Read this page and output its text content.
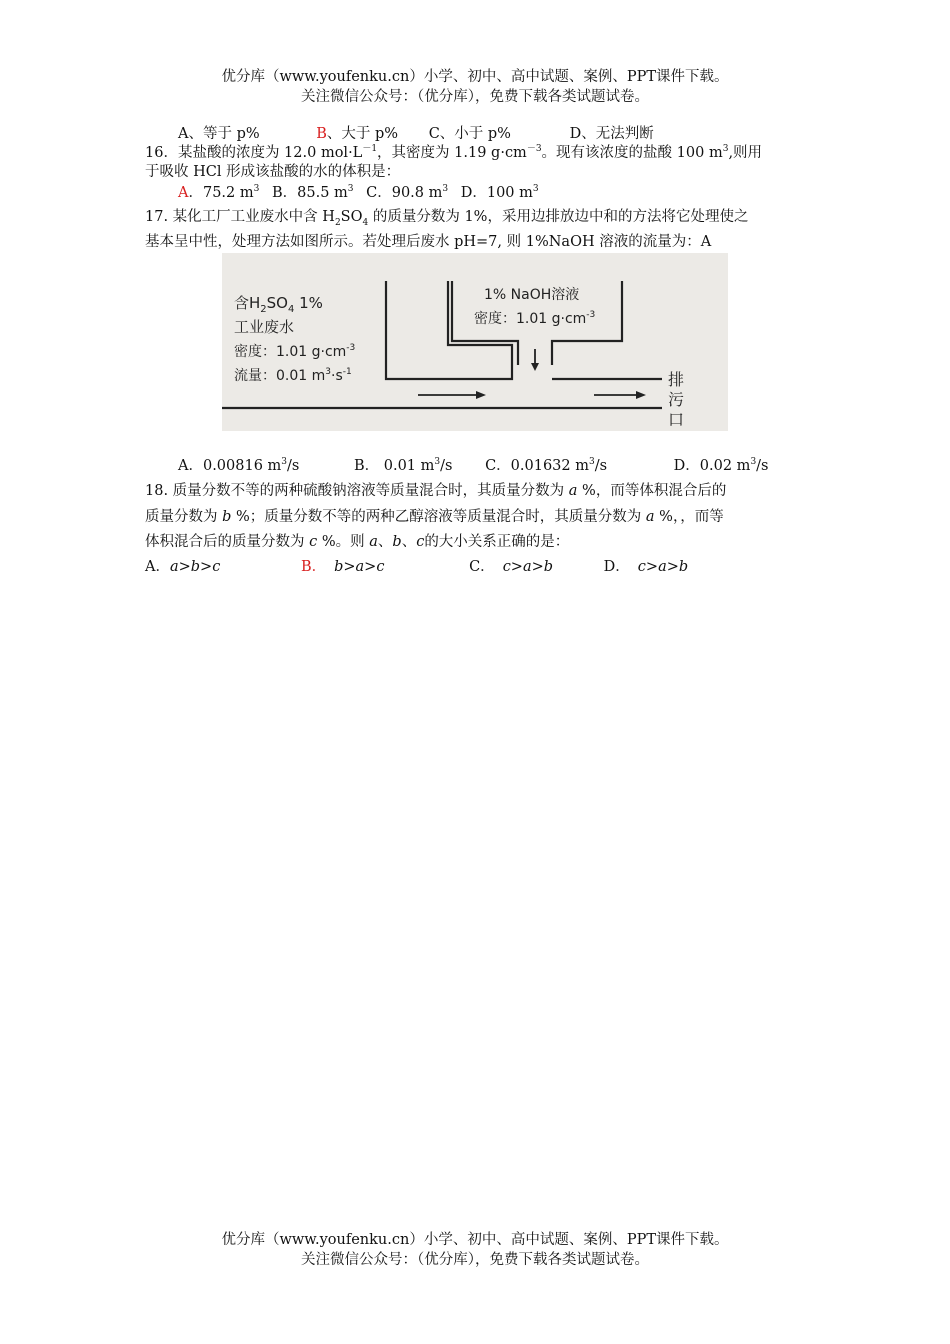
优分库（www.youfenku.cn）小学、初中、高中试题、案例、PPT课件下载。
关注微信公众号：（优分库），免费下载各类试题试卷。
A、等于 p%	B、大于 p% C、小于 p%	D、无法判断
16．某盐酸的浓度为 12.0 $mol\cdot L^{-1}$，其密度为 1.19 $g\cdot cm^{-3}$。现有该浓度的盐酸 100 $m^3$,则用
于吸收 HCl 形成该盐酸的水的体积是：
A．75.2 $m^3$ B．85.5 $m^3$ C．90.8 $m^3$ D．100 $m^3$
17. 某化工厂工业废水中含 $H_2SO_4$ 的质量分数为 1%，采用边排放边中和的方法将它处理使之
基本呈中性，处理方法如图所示。若处理后废水 pH=7, 则 1%NaOH 溶液的流量为：A
含$H_2SO_4$ 1%
工业废水
密度：1.01 $g\cdot cm^{-3}$
流量：0.01 $m^3\cdot s^{-1}$
1% NaOH溶液
密度：1.01 $g\cdot cm^{-3}$
排
污
口
A．0.00816 $m^3/s$	B． 0.01 $m^3/s$ C．0.01632 $m^3/s$	D．0.02 $m^3/s$
18. 质量分数不等的两种硫酸钠溶液等质量混合时，其质量分数为 a %，而等体积混合后的
质量分数为 b %；质量分数不等的两种乙醇溶液等质量混合时，其质量分数为 a %，，而等
体积混合后的质量分数为 c %。则 a、b、c的大小关系正确的是：
A．a>b>c	B． b>a>c	C． c>a>b	D． c>a>b
优分库（www.youfenku.cn）小学、初中、高中试题、案例、PPT课件下载。
关注微信公众号：（优分库），免费下载各类试题试卷。
